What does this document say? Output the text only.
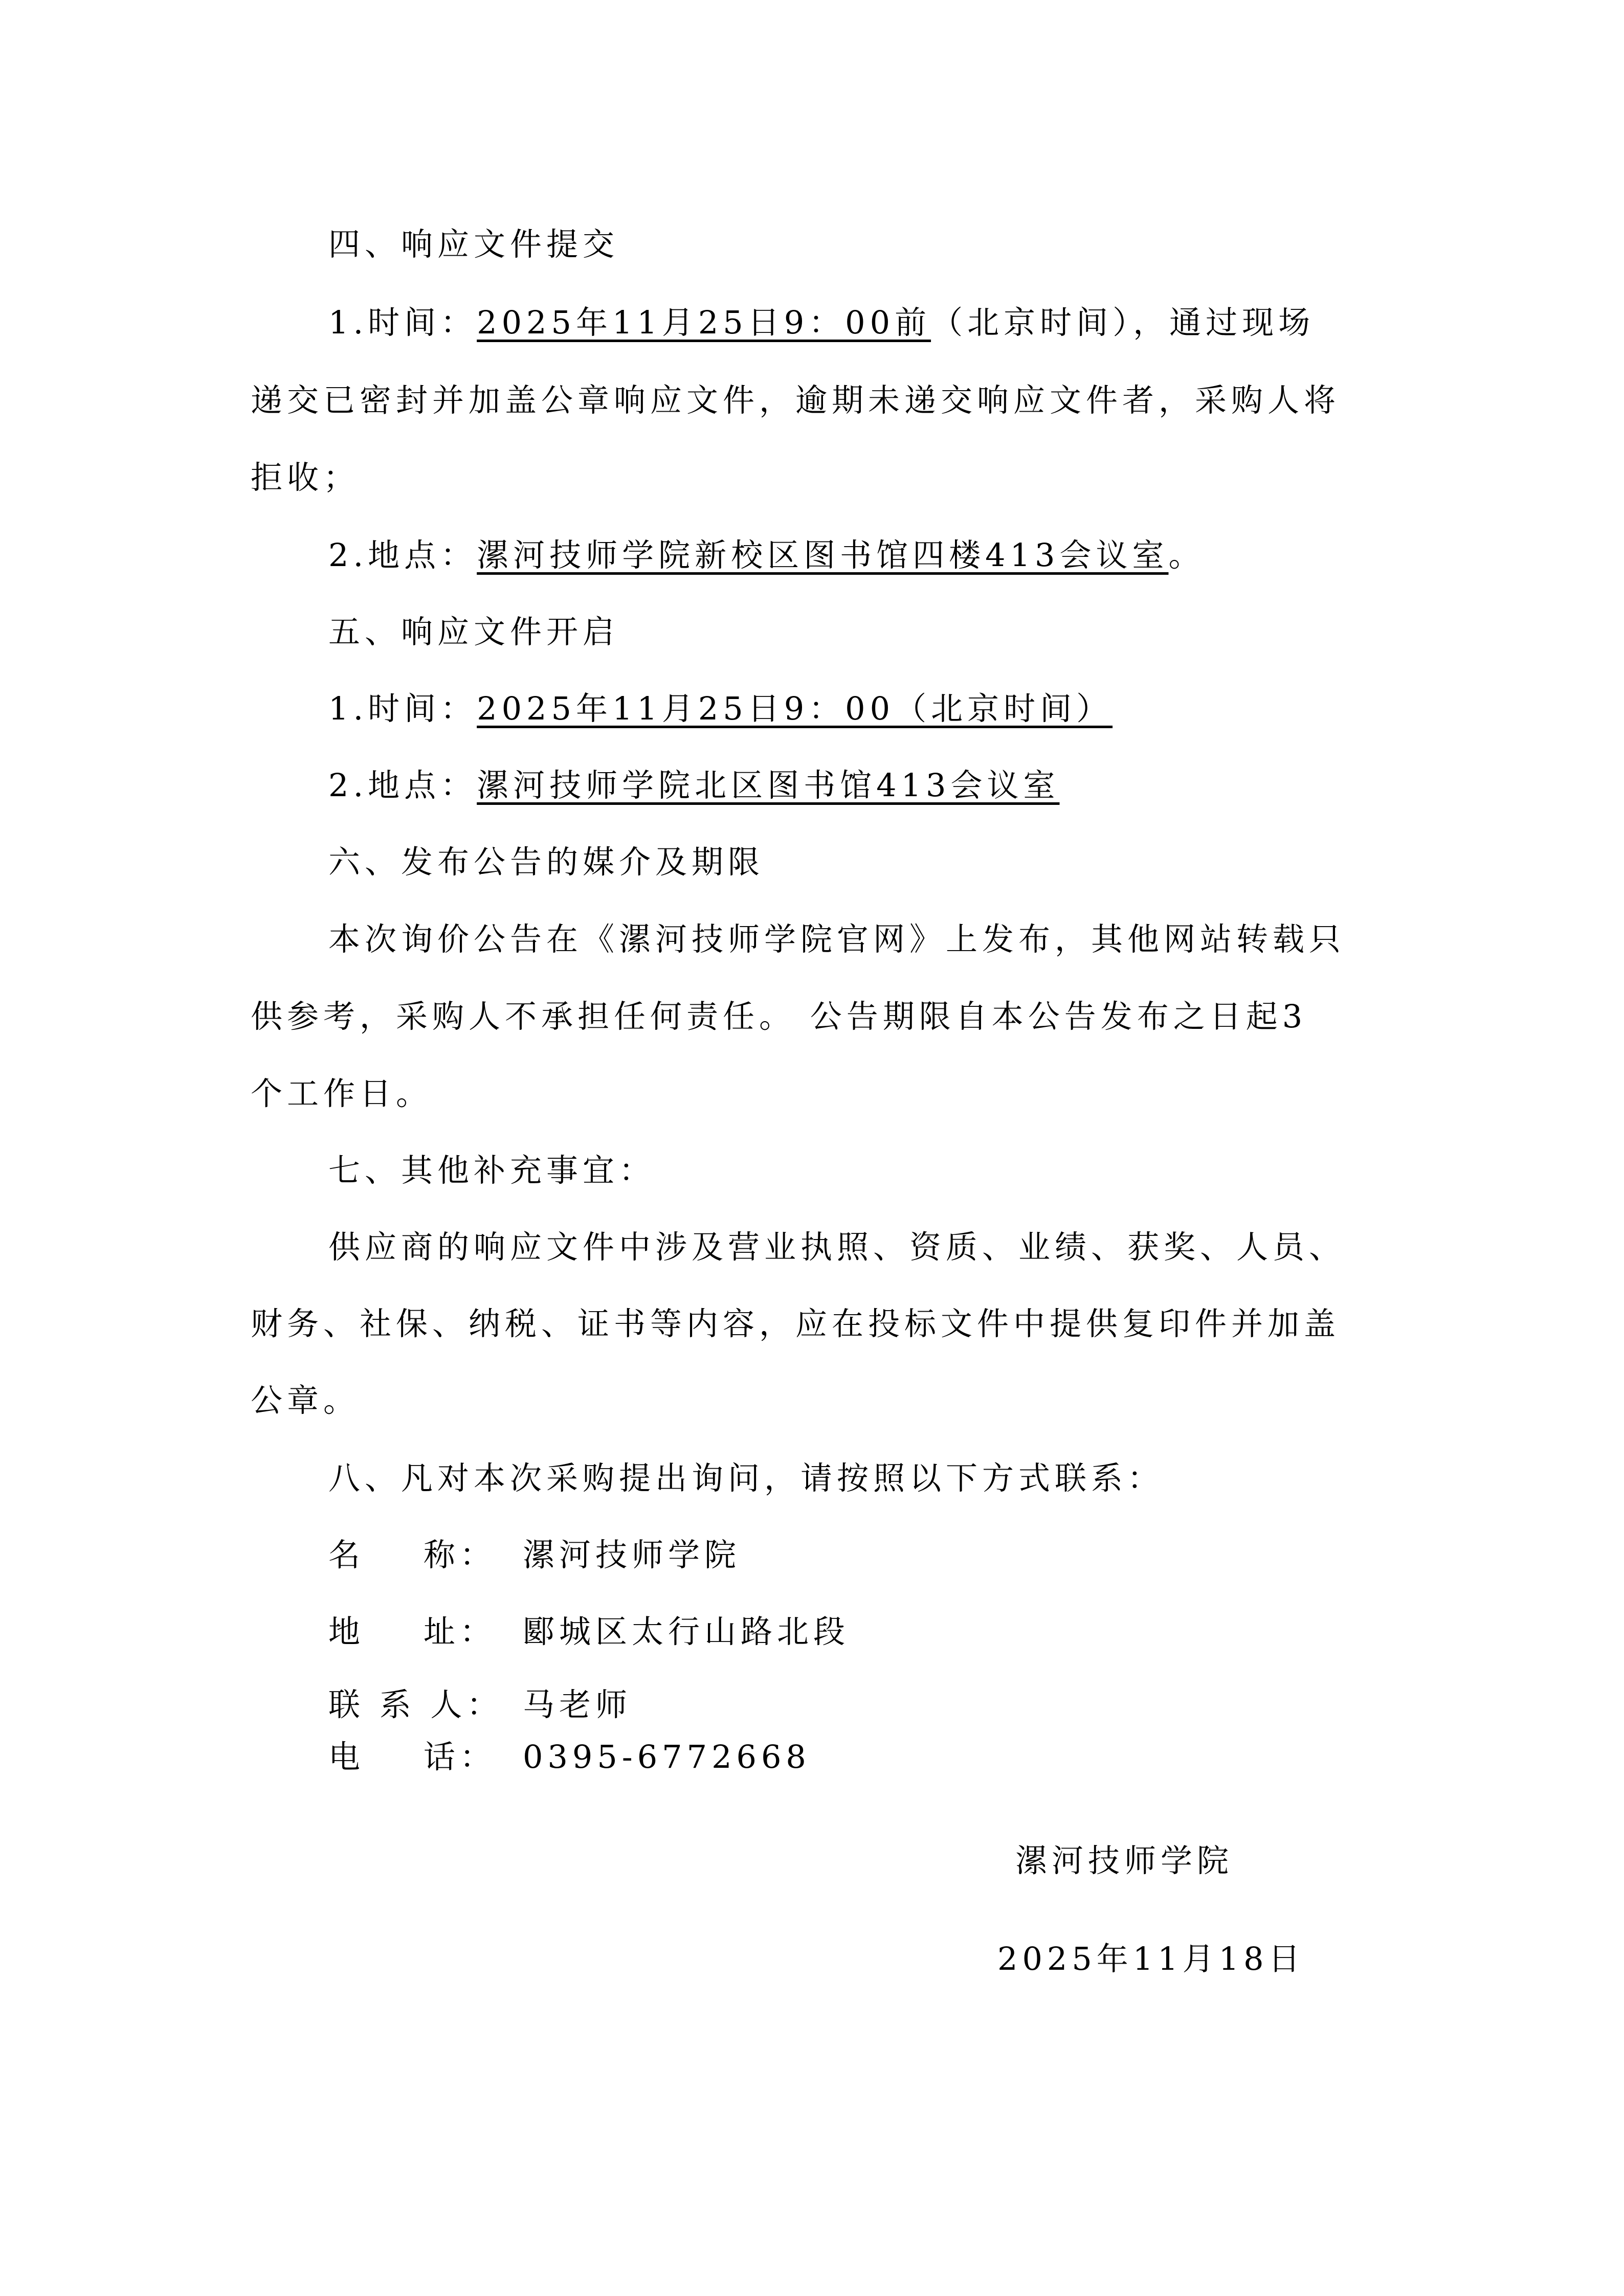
四、响应文件提交
1.时间：2025年11月25日9：00前（北京时间），通过现场
递交已密封并加盖公章响应文件，逾期未递交响应文件者，采购人将
拒收；
2.地点：漯河技师学院新校区图书馆四楼413会议室。
五、响应文件开启
1.时间：2025年11月25日9：00（北京时间）
2.地点：漯河技师学院北区图书馆413会议室
六、发布公告的媒介及期限
本次询价公告在《漯河技师学院官网》上发布，其他网站转载只
供参考，采购人不承担任何责任。 公告期限自本公告发布之日起3
个工作日。
七、其他补充事宜：
供应商的响应文件中涉及营业执照、资质、业绩、获奖、人员、
财务、社保、纳税、证书等内容，应在投标文件中提供复印件并加盖
公章。
八、凡对本次采购提出询问，请按照以下方式联系：
名    称： 漯河技师学院
地    址： 郾城区太行山路北段
联 系 人： 马老师
电    话： 0395-6772668
漯河技师学院
2025年11月18日
